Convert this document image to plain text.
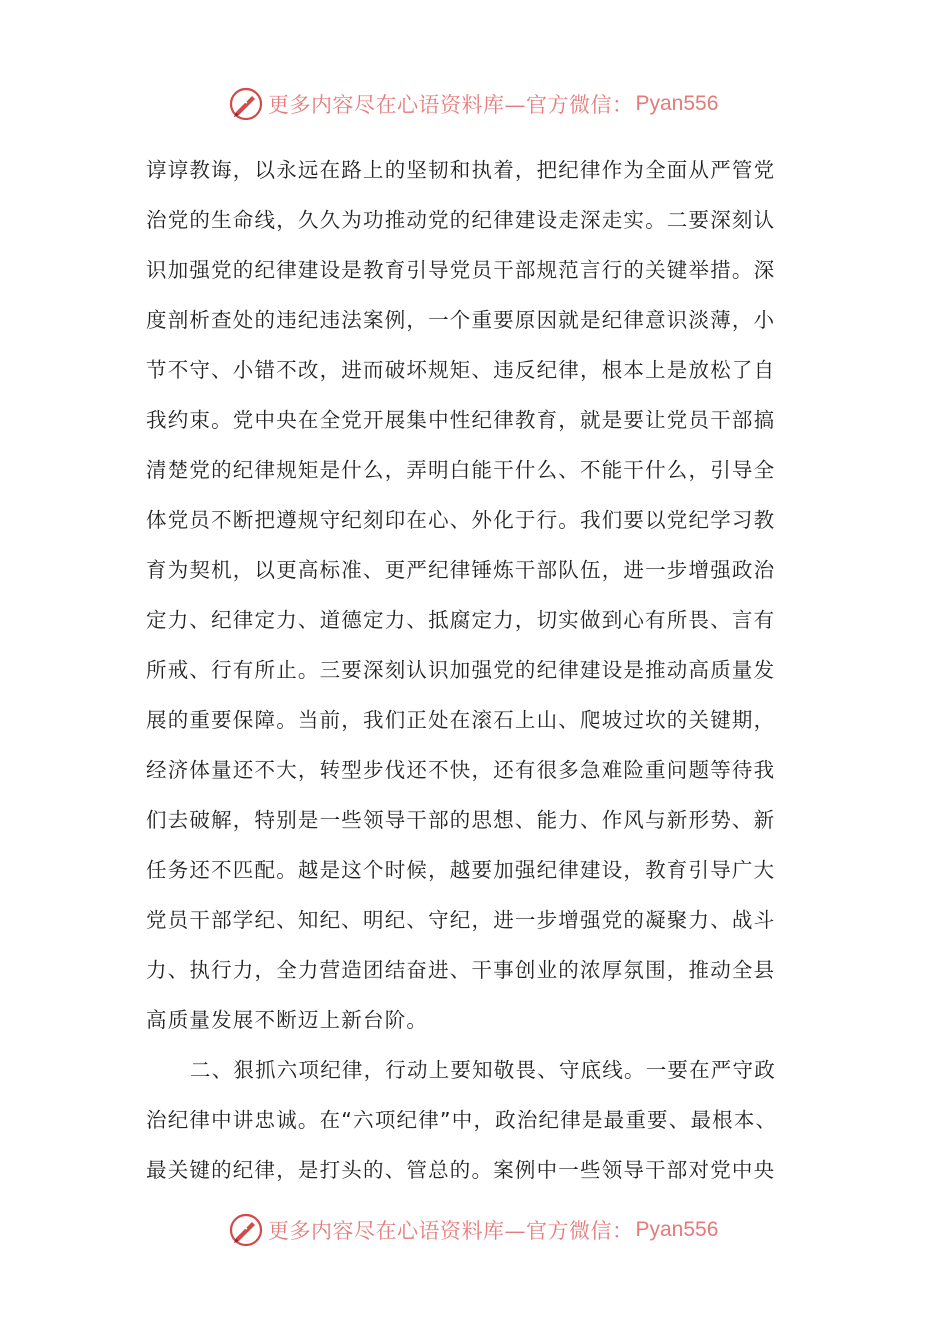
更多内容尽在心语资料库—官方微信： Pyan556
谆谆教诲，以永远在路上的坚韧和执着，把纪律作为全面从严管党
治党的生命线，久久为功推动党的纪律建设走深走实。二要深刻认
识加强党的纪律建设是教育引导党员干部规范言行的关键举措。深
度剖析查处的违纪违法案例，一个重要原因就是纪律意识淡薄，小
节不守、小错不改，进而破坏规矩、违反纪律，根本上是放松了自
我约束。党中央在全党开展集中性纪律教育，就是要让党员干部搞
清楚党的纪律规矩是什么，弄明白能干什么、不能干什么，引导全
体党员不断把遵规守纪刻印在心、外化于行。我们要以党纪学习教
育为契机，以更高标准、更严纪律锤炼干部队伍，进一步增强政治
定力、纪律定力、道德定力、抵腐定力，切实做到心有所畏、言有
所戒、行有所止。三要深刻认识加强党的纪律建设是推动高质量发
展的重要保障。当前，我们正处在滚石上山、爬坡过坎的关键期，
经济体量还不大，转型步伐还不快，还有很多急难险重问题等待我
们去破解，特别是一些领导干部的思想、能力、作风与新形势、新
任务还不匹配。越是这个时候，越要加强纪律建设，教育引导广大
党员干部学纪、知纪、明纪、守纪，进一步增强党的凝聚力、战斗
力、执行力，全力营造团结奋进、干事创业的浓厚氛围，推动全县
高质量发展不断迈上新台阶。
二、狠抓六项纪律，行动上要知敬畏、守底线。一要在严守政
治纪律中讲忠诚。在“六项纪律”中，政治纪律是最重要、最根本、
最关键的纪律，是打头的、管总的。案例中一些领导干部对党中央
更多内容尽在心语资料库—官方微信： Pyan556
